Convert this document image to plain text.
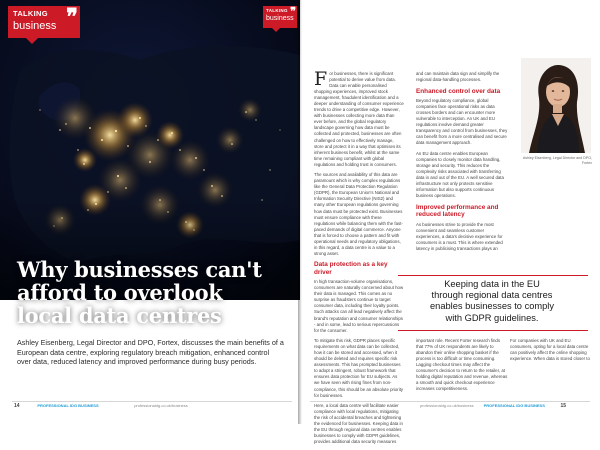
TALKING
business ❞
Why businesses can't
afford to overlook
local data centres

Ashley Eisenberg, Legal Director and DPO, Fortex, discusses the main benefits of a European data centre, exploring regulatory breach mitigation, enhanced control over data, reduced latency and improved performance during busy periods.

14	PROFESSIONAL IDG BUSINESS	professionaldg.co.uk/business
TALKING
business
❞

For businesses, there is significant potential to derive value from data. Data can enable personalised shopping experiences, improved stock management, fraudulent identification and a deeper understanding of consumer experience trends to drive a competitive edge. However, with businesses collecting more data than ever before, and the global regulatory landscape governing how data must be collected and protected, businesses are often challenged on how to effectively manage, store and protect it in a way that optimises its inherent business benefit, whilst at the same time remaining compliant with global regulations and holding trust in consumers.

The sources and availability of this data are paramount which is why complex regulations like the General Data Protection Regulation (GDPR), the European Union's National and Information Security Directive (NIS2) and many other European regulations governing how data must be protected exist. Businesses must ensure compliance with these regulations while balancing them with the fast-paced demands of digital commerce. Anyone that is forced to choose a pattern and fit with operational needs and regulatory obligations, in this regard, a data centre is a value to a strong asset.

Data protection as a key driver

In high transaction-volume organisations, consumers are naturally concerned about how their data is managed. This comes as no surprise as fraudsters continue to target consumer data, including their loyalty points. Such attacks can all lead negatively affect the brand's reputation and consumer relationships - and in some, lead to serious repercussions for the consumer.

To mitigate this risk, GDPR places specific requirements on what data can be collected, how it can be stored and accessed, when it should be deleted and requires specific risk assessments. This has prompted businesses to adopt a stringent, robust framework that ensures data protection for EU subjects. As we have seen with rising fines from non-compliance, this should be an absolute priority for businesses.

Here, a local data centre will facilitate easier compliance with local regulations, mitigating the risk of accidental breaches and tightening the evidenced for businesses. Keeping data in the EU through regional data centres enables businesses to comply with GDPR guidelines, provides additional data security measures

and can maintain data sign and simplify the regional data-handling processes.

Enhanced control over data

Beyond regulatory compliance, global companies face operational risks as data crosses borders and can encounter more vulnerable to interception. An UK and EU regulations involve demand greater transparency and control from businesses, they can benefit from a more centralised and secure data management approach.

An EU data centre enables European companies to closely monitor data handling, storage and security. This reduces the complexity risks associated with transferring data in and out of the EU. A well secured data infrastructure not only protects sensitive information but also supports continuous business operations.

Improved performance and reduced latency

As businesses strive to provide the most convenient and seamless customer experiences, a data's decisive experience for consumers is a must. This is where extended latency in publicising transactions plays an

Ashley Eisenberg, Legal Director and DPO, Fortex
Keeping data in the EU
through regional data centres
enables businesses to comply
with GDPR guidelines.

important role. Recent Forter research finds that 77% of UK respondents are likely to abandon their online shopping basket if the process is too difficult or time consuming. Lagging checkout times may affect the consumer's decision to return to the retailer, at holding digital reputation and revenue, whereas a smooth and quick checkout experience increases competitiveness.

For companies with UK and EU consumers, opting for a local data centre can positively affect the online shopping experience. When data is stored closer to

professionaldg.co.uk/business	PROFESSIONAL IDG BUSINESS	15
